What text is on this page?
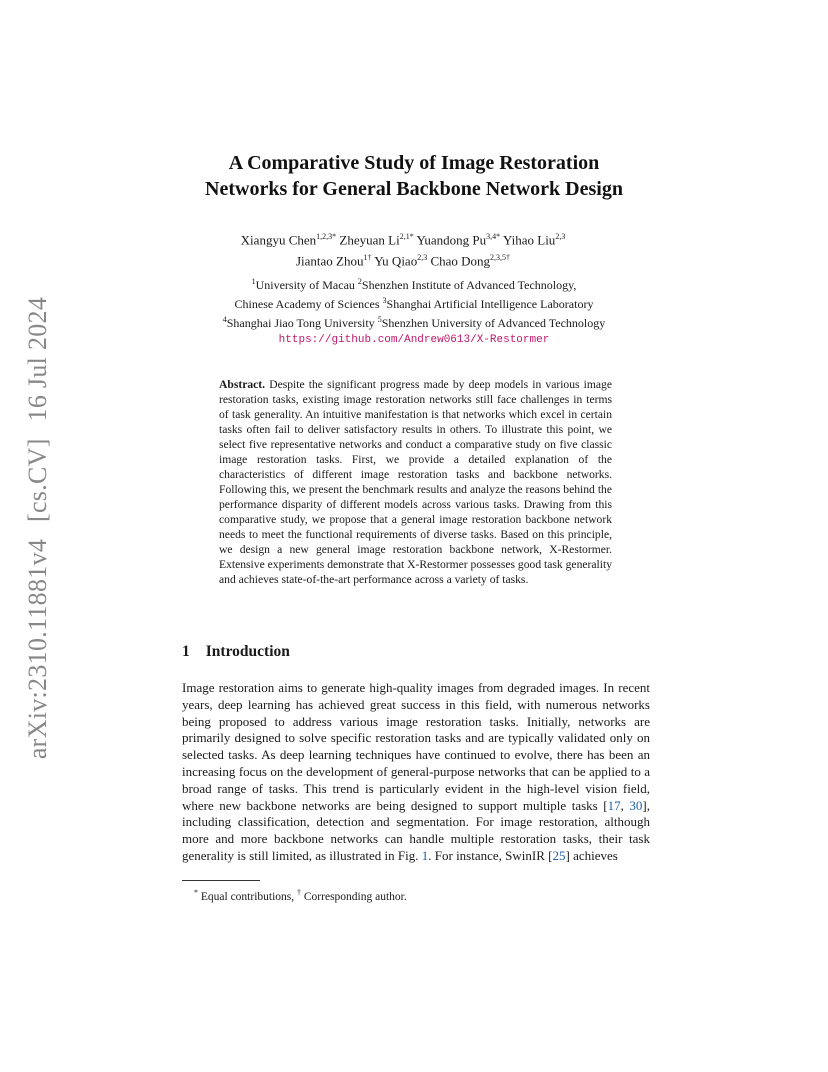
arXiv:2310.11881v4 [cs.CV] 16 Jul 2024
A Comparative Study of Image Restoration
Networks for General Backbone Network Design
Xiangyu Chen$^{1,2,3*}$ Zheyuan $Li^{2,1*}$ Yuandong $Pu^{3,4*}$ Yihao Liu$^{2,3}$
Jiantao Zhou$^{1\dagger}$ Yu Qiao$^{2,3}$ Chao Dong$^{2,3,5\dagger}$
$^1$University of Macau $^2$Shenzhen Institute of Advanced Technology,
Chinese Academy of Sciences $^3$Shanghai Artificial Intelligence Laboratory
$^4$Shanghai Jiao Tong University $^5$Shenzhen University of Advanced Technology
https://github.com/Andrew0613/X-Restormer
Abstract. Despite the significant progress made by deep models in various image restoration tasks, existing image restoration networks still face challenges in terms of task generality. An intuitive manifestation is that networks which excel in certain tasks often fail to deliver satisfactory results in others. To illustrate this point, we select five representative networks and conduct a comparative study on five classic image restoration tasks. First, we provide a detailed explanation of the characteristics of different image restoration tasks and backbone networks. Following this, we present the benchmark results and analyze the reasons behind the performance disparity of different models across various tasks. Drawing from this comparative study, we propose that a general image restoration backbone network needs to meet the functional requirements of diverse tasks. Based on this principle, we design a new general image restoration backbone network, X-Restormer. Extensive experiments demonstrate that X-Restormer possesses good task generality and achieves state-of-the-art performance across a variety of tasks.
1 Introduction
Image restoration aims to generate high-quality images from degraded images. In recent years, deep learning has achieved great success in this field, with numerous networks being proposed to address various image restoration tasks. Initially, networks are primarily designed to solve specific restoration tasks and are typically validated only on selected tasks. As deep learning techniques have continued to evolve, there has been an increasing focus on the development of general-purpose networks that can be applied to a broad range of tasks. This trend is particularly evident in the high-level vision field, where new backbone networks are being designed to support multiple tasks [17, 30], including classification, detection and segmentation. For image restoration, although more and more backbone networks can handle multiple restoration tasks, their task generality is still limited, as illustrated in Fig. 1. For instance, SwinIR [25] achieves
* Equal contributions, † Corresponding author.
